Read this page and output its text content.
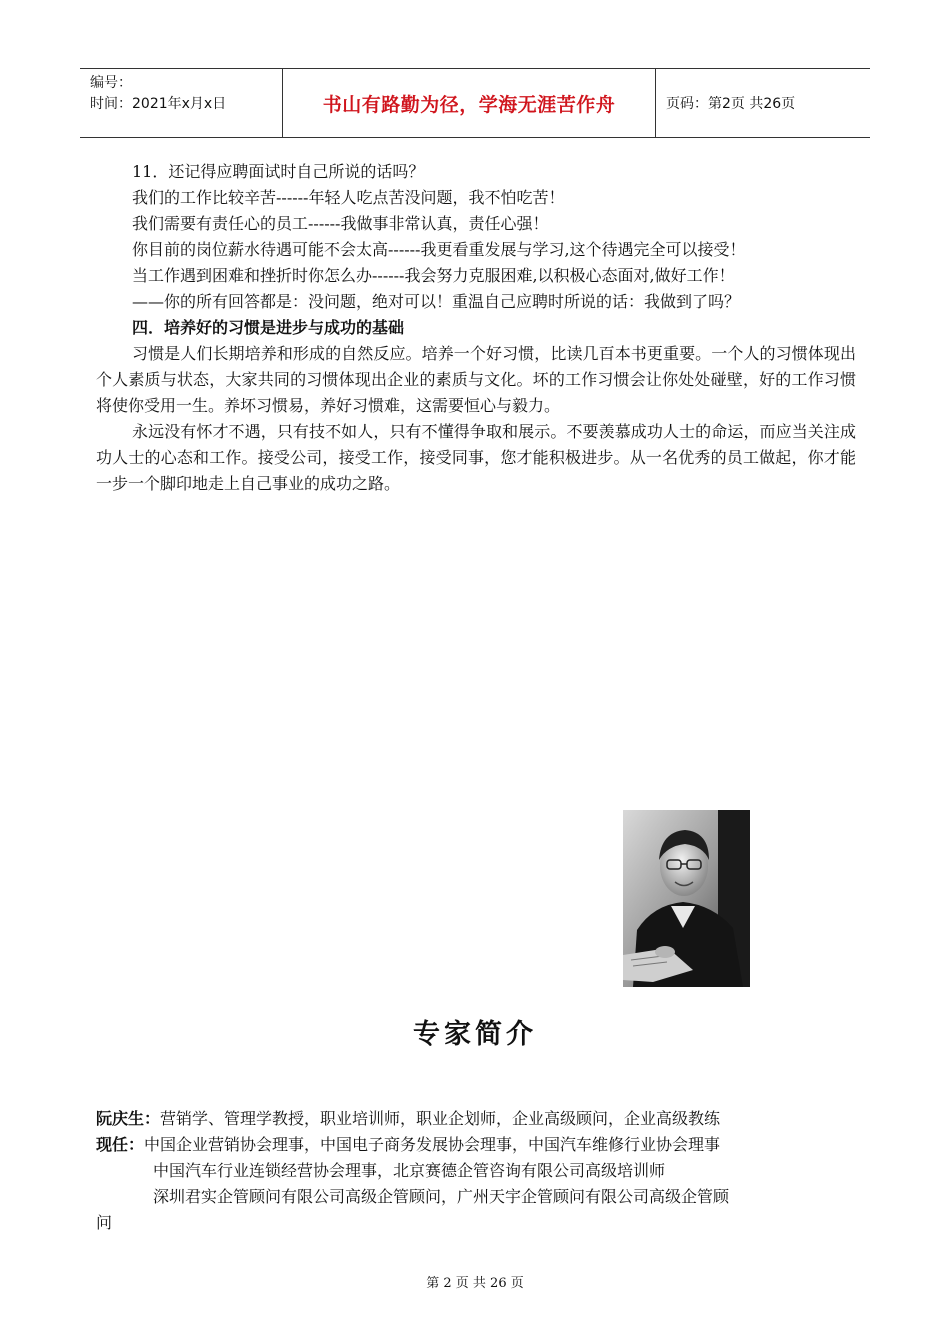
编号：
时间：2021年x月x日	书山有路勤为径，学海无涯苦作舟	页码：第2页 共26页

11．还记得应聘面试时自己所说的话吗？

我们的工作比较辛苦------年轻人吃点苦没问题，我不怕吃苦！

我们需要有责任心的员工------我做事非常认真，责任心强！

你目前的岗位薪水待遇可能不会太高------我更看重发展与学习,这个待遇完全可以接受！

当工作遇到困难和挫折时你怎么办------我会努力克服困难,以积极心态面对,做好工作！

——你的所有回答都是：没问题，绝对可以！重温自己应聘时所说的话：我做到了吗？

四．培养好的习惯是进步与成功的基础

习惯是人们长期培养和形成的自然反应。培养一个好习惯，比读几百本书更重要。一个人的习惯体现出个人素质与状态，大家共同的习惯体现出企业的素质与文化。坏的工作习惯会让你处处碰壁，好的工作习惯将使你受用一生。养坏习惯易，养好习惯难，这需要恒心与毅力。

永远没有怀才不遇，只有技不如人，只有不懂得争取和展示。不要羡慕成功人士的命运，而应当关注成功人士的心态和工作。接受公司，接受工作，接受同事，您才能积极进步。从一名优秀的员工做起，你才能一步一个脚印地走上自己事业的成功之路。

专家简介

阮庆生：营销学、管理学教授，职业培训师，职业企划师，企业高级顾问，企业高级教练

现任：中国企业营销协会理事，中国电子商务发展协会理事，中国汽车维修行业协会理事

中国汽车行业连锁经营协会理事，北京赛德企管咨询有限公司高级培训师

深圳君实企管顾问有限公司高级企管顾问，广州天宇企管顾问有限公司高级企管顾

问

第 2 页 共 26 页
